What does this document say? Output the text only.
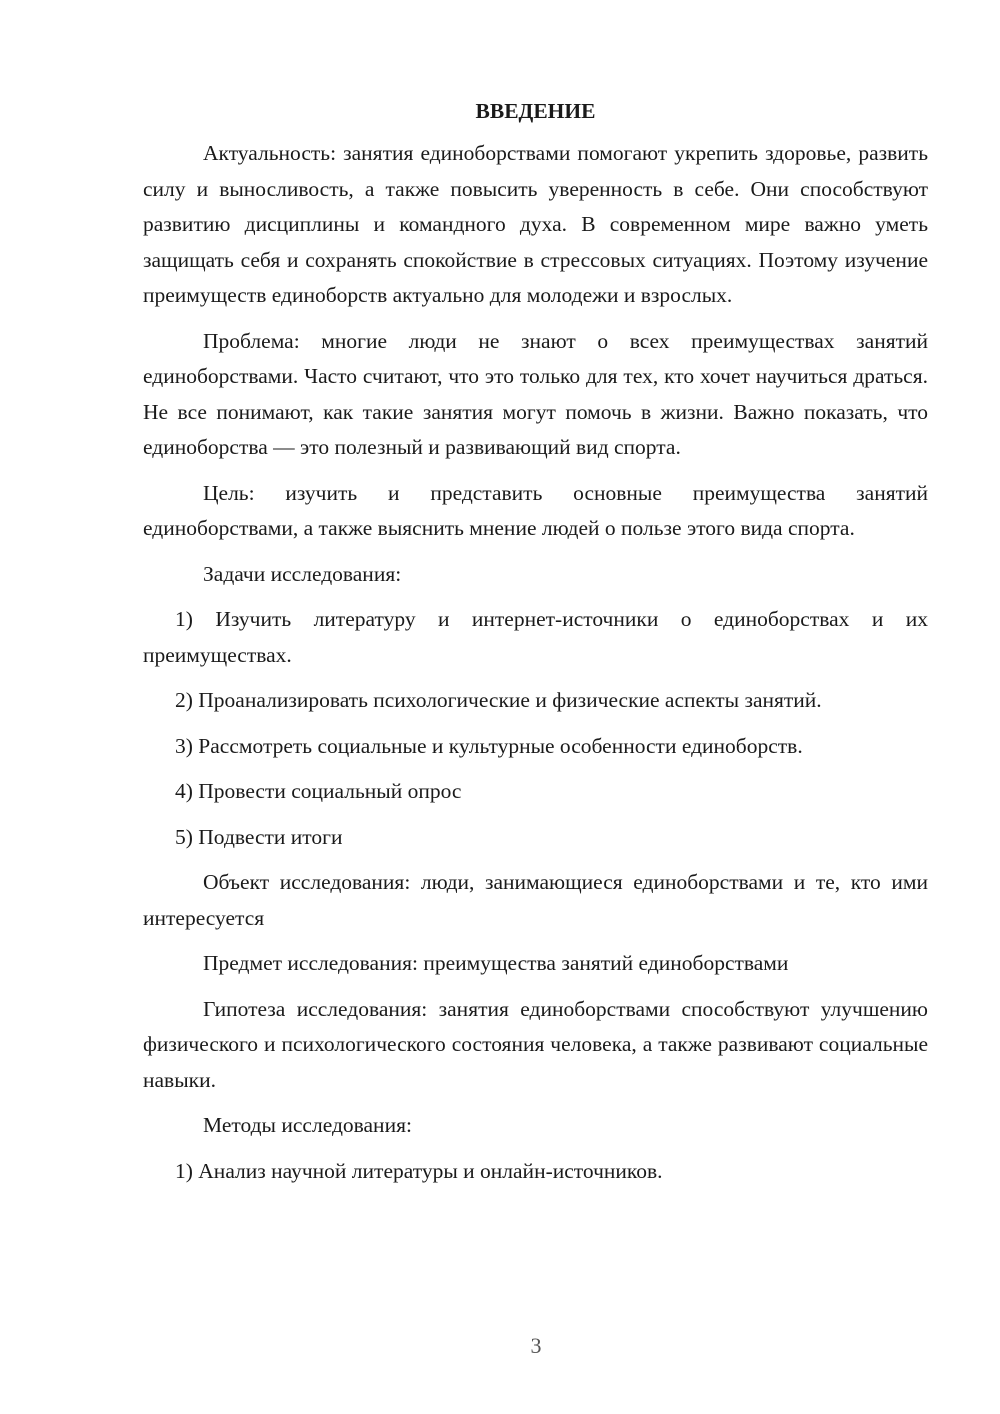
ВВЕДЕНИЕ

Актуальность: занятия единоборствами помогают укрепить здоровье, развить силу и выносливость, а также повысить уверенность в себе. Они способствуют развитию дисциплины и командного духа. В современном мире важно уметь защищать себя и сохранять спокойствие в стрессовых ситуациях. Поэтому изучение преимуществ единоборств актуально для молодежи и взрослых.

Проблема: многие люди не знают о всех преимуществах занятий единоборствами. Часто считают, что это только для тех, кто хочет научиться драться. Не все понимают, как такие занятия могут помочь в жизни. Важно показать, что единоборства — это полезный и развивающий вид спорта.

Цель: изучить и представить основные преимущества занятий единоборствами, а также выяснить мнение людей о пользе этого вида спорта.

Задачи исследования:

1) Изучить литературу и интернет-источники о единоборствах и их преимуществах.

2) Проанализировать психологические и физические аспекты занятий.

3) Рассмотреть социальные и культурные особенности единоборств.

4) Провести социальный опрос

5) Подвести итоги

Объект исследования: люди, занимающиеся единоборствами и те, кто ими интересуется

Предмет исследования: преимущества занятий единоборствами

Гипотеза исследования: занятия единоборствами способствуют улучшению физического и психологического состояния человека, а также развивают социальные навыки.

Методы исследования:

1) Анализ научной литературы и онлайн-источников.

3
